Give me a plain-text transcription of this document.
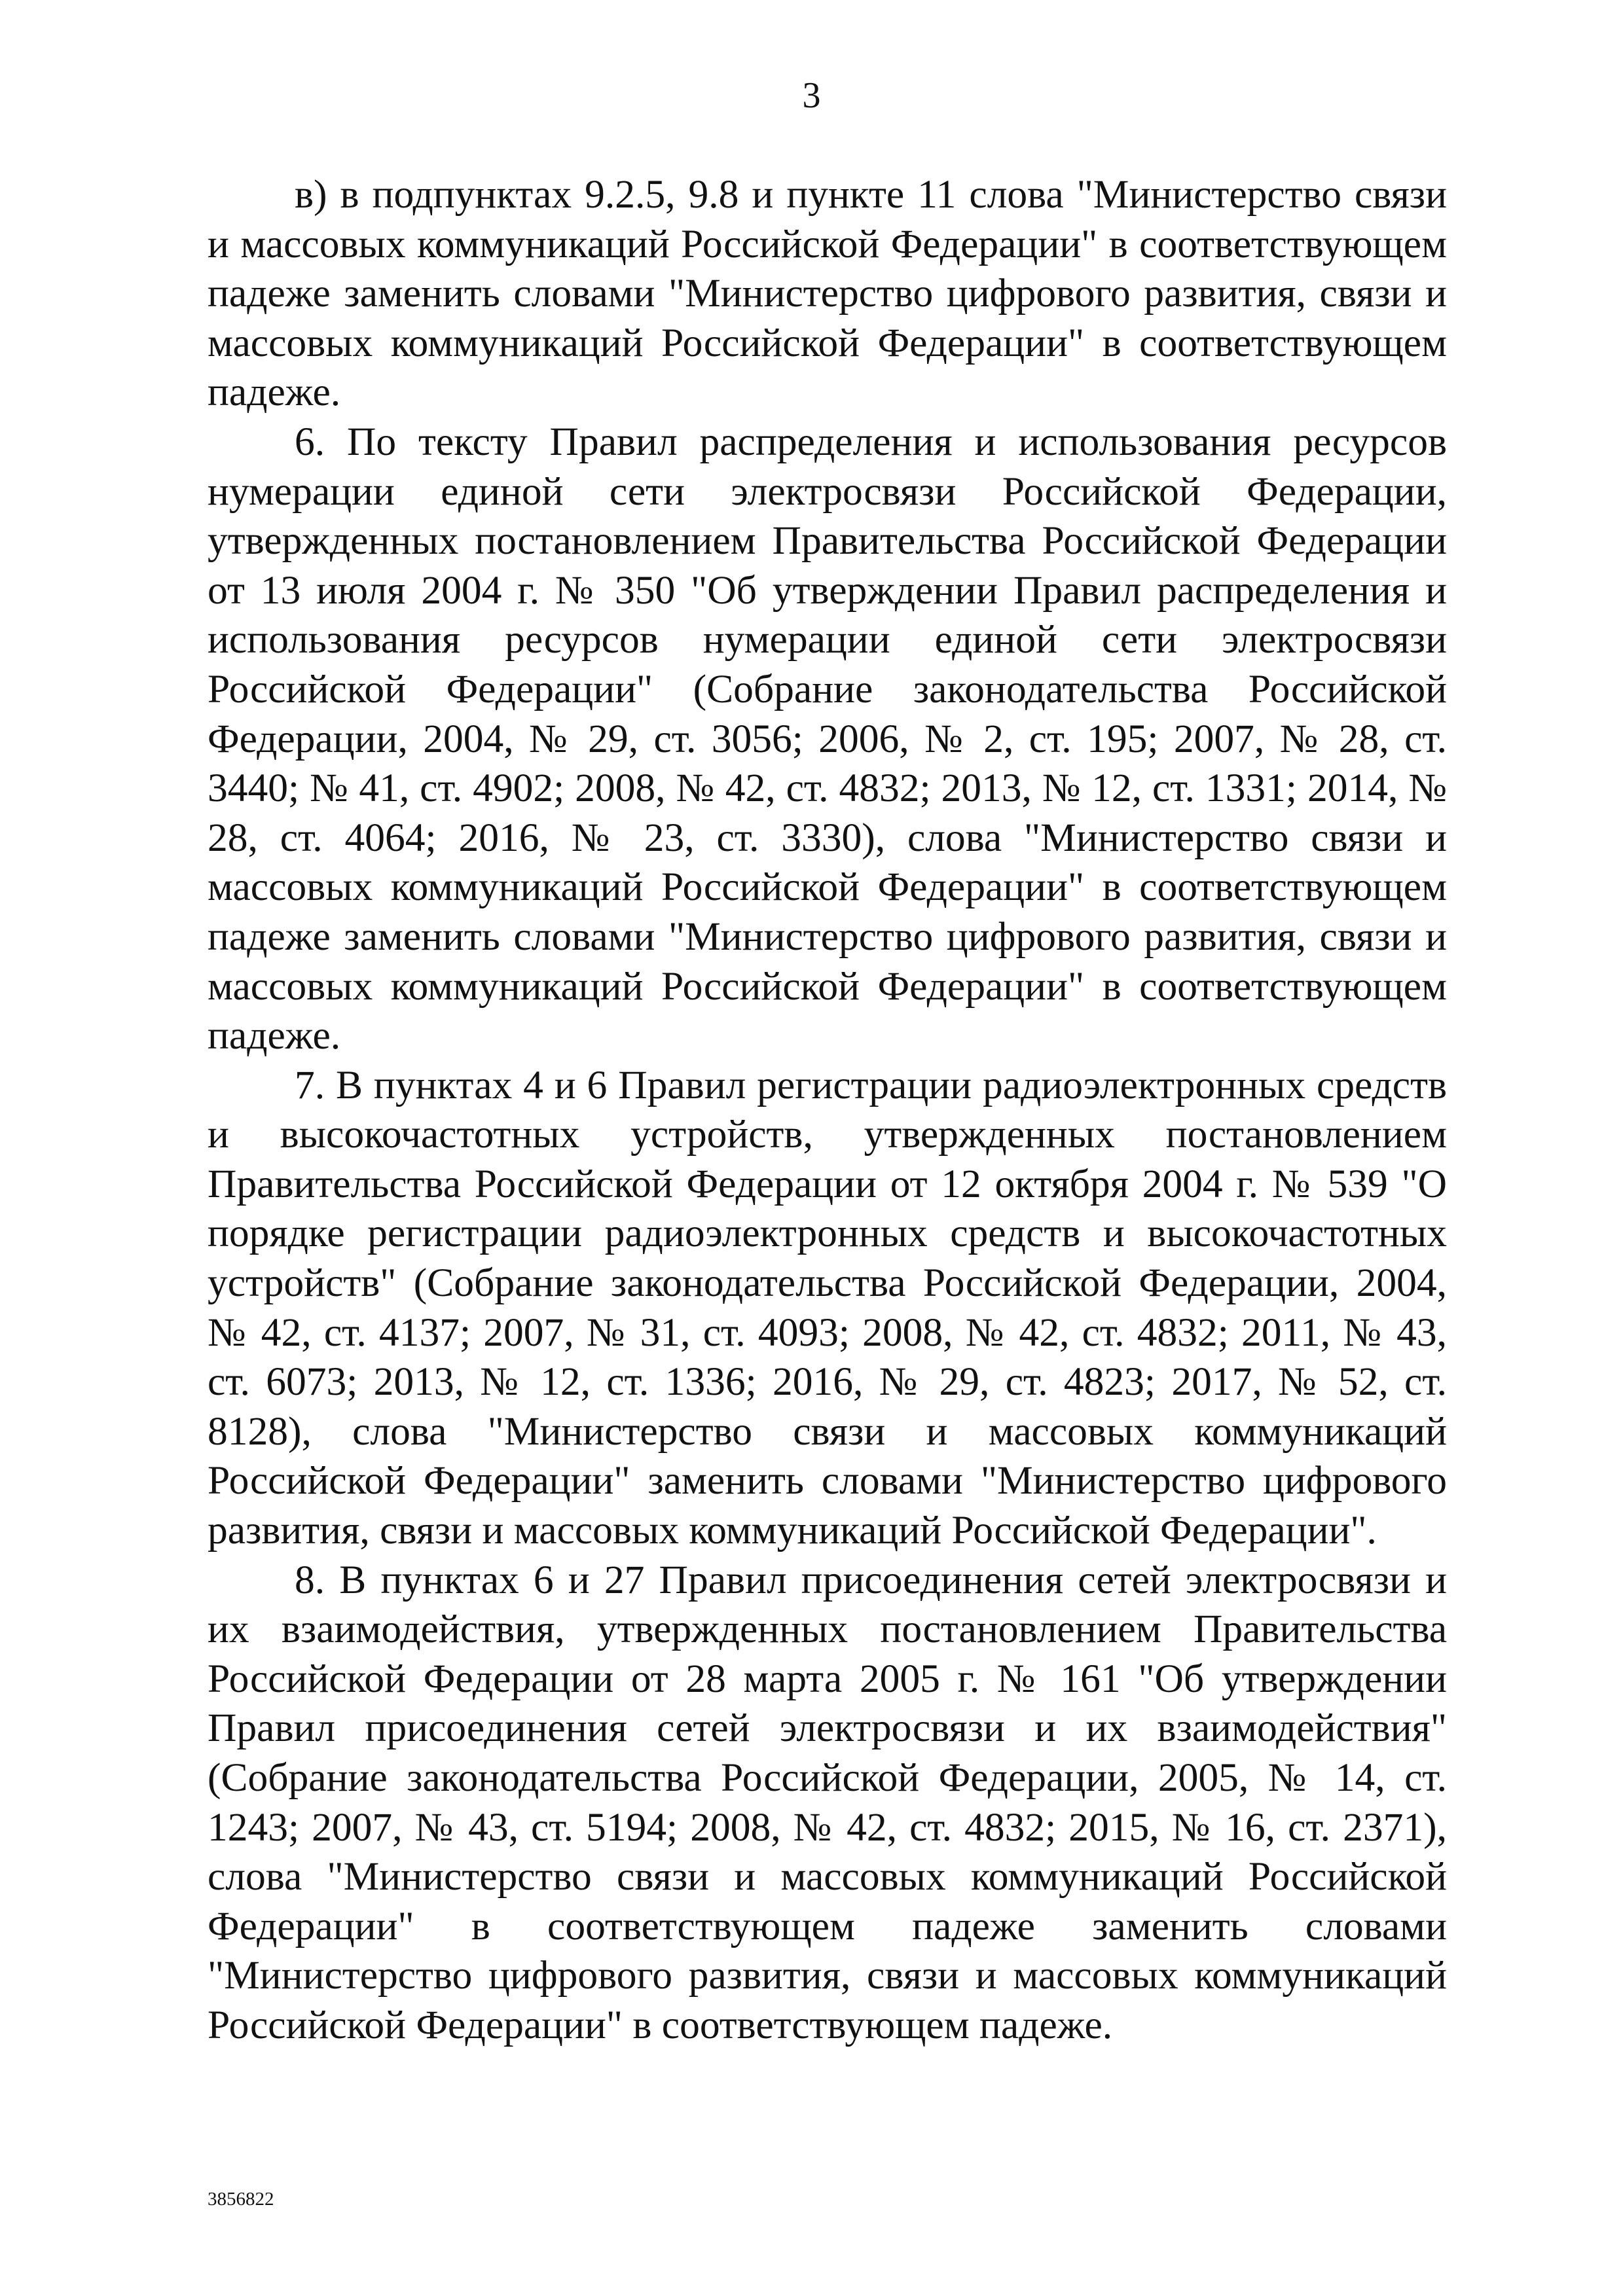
3

в) в подпунктах 9.2.5, 9.8 и пункте 11 слова "Министерство связи и массовых коммуникаций Российской Федерации" в соответствующем падеже заменить словами "Министерство цифрового развития, связи и массовых коммуникаций Российской Федерации" в соответствующем падеже.

6. По тексту Правил распределения и использования ресурсов нумерации единой сети электросвязи Российской Федерации, утвержденных постановлением Правительства Российской Федерации от 13 июля 2004 г. № 350 "Об утверждении Правил распределения и использования ресурсов нумерации единой сети электросвязи Российской Федерации" (Собрание законодательства Российской Федерации, 2004, № 29, ст. 3056; 2006, № 2, ст. 195; 2007, № 28, ст. 3440; № 41, ст. 4902; 2008, № 42, ст. 4832; 2013, № 12, ст. 1331; 2014, № 28, ст. 4064; 2016, № 23, ст. 3330), слова "Министерство связи и массовых коммуникаций Российской Федерации" в соответствующем падеже заменить словами "Министерство цифрового развития, связи и массовых коммуникаций Российской Федерации" в соответствующем падеже.

7. В пунктах 4 и 6 Правил регистрации радиоэлектронных средств и высокочастотных устройств, утвержденных постановлением Правительства Российской Федерации от 12 октября 2004 г. № 539 "О порядке регистрации радиоэлектронных средств и высокочастотных устройств" (Собрание законодательства Российской Федерации, 2004, № 42, ст. 4137; 2007, № 31, ст. 4093; 2008, № 42, ст. 4832; 2011, № 43, ст. 6073; 2013, № 12, ст. 1336; 2016, № 29, ст. 4823; 2017, № 52, ст. 8128), слова "Министерство связи и массовых коммуникаций Российской Федерации" заменить словами "Министерство цифрового развития, связи и массовых коммуникаций Российской Федерации".

8. В пунктах 6 и 27 Правил присоединения сетей электросвязи и их взаимодействия, утвержденных постановлением Правительства Российской Федерации от 28 марта 2005 г. № 161 "Об утверждении Правил присоединения сетей электросвязи и их взаимодействия" (Собрание законодательства Российской Федерации, 2005, № 14, ст. 1243; 2007, № 43, ст. 5194; 2008, № 42, ст. 4832; 2015, № 16, ст. 2371), слова "Министерство связи и массовых коммуникаций Российской Федерации" в соответствующем падеже заменить словами "Министерство цифрового развития, связи и массовых коммуникаций Российской Федерации" в соответствующем падеже.

3856822
